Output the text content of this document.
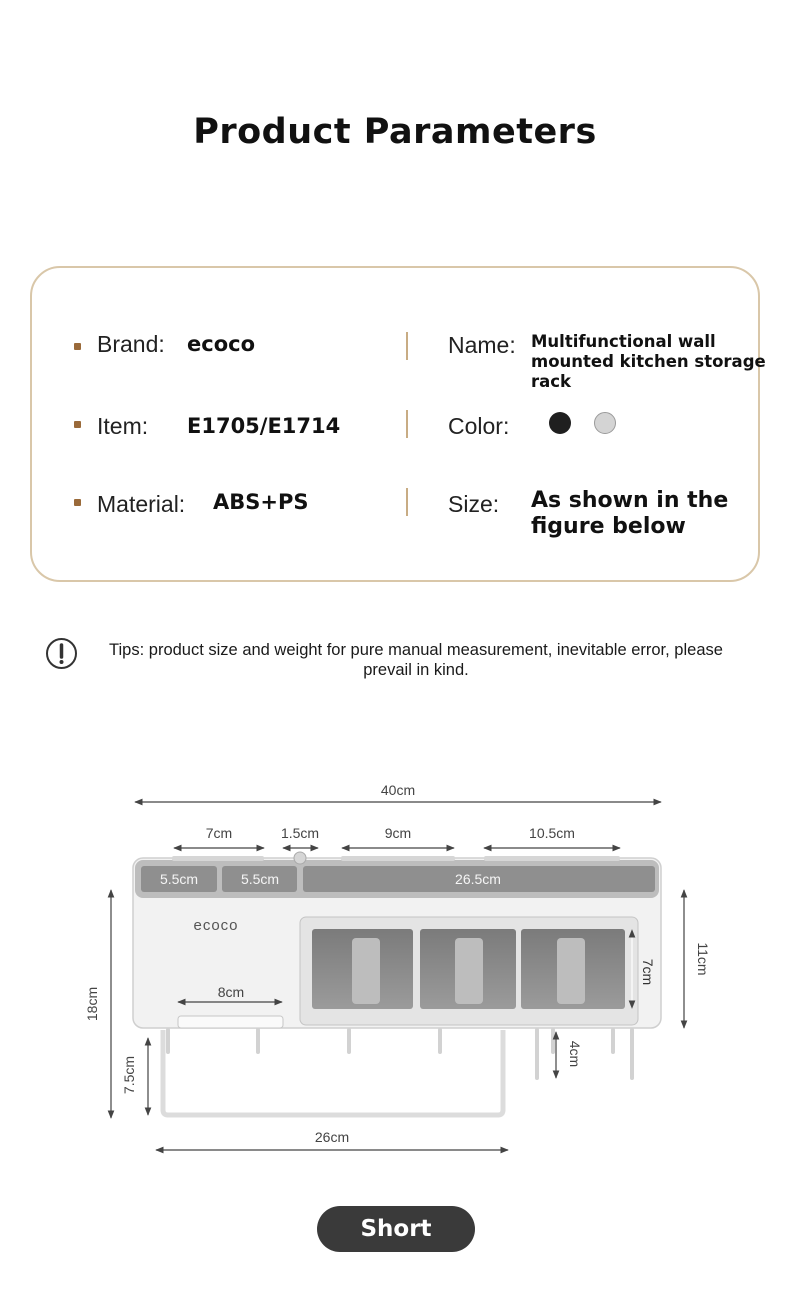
Product Parameters
Brand: ecoco	Name: Multifunctional wall mounted kitchen storage rack
Item: E1705/E1714	Color:
Material: ABS+PS	Size: As shown in the figure below
Tips: product size and weight for pure manual measurement, inevitable error, please prevail in kind.
40cm
7cm	1.5cm	9cm	10.5cm
5.5cm	5.5cm	26.5cm
ecoco
7cm
8cm
18cm
7.5cm
11cm
4cm
26cm
Short
